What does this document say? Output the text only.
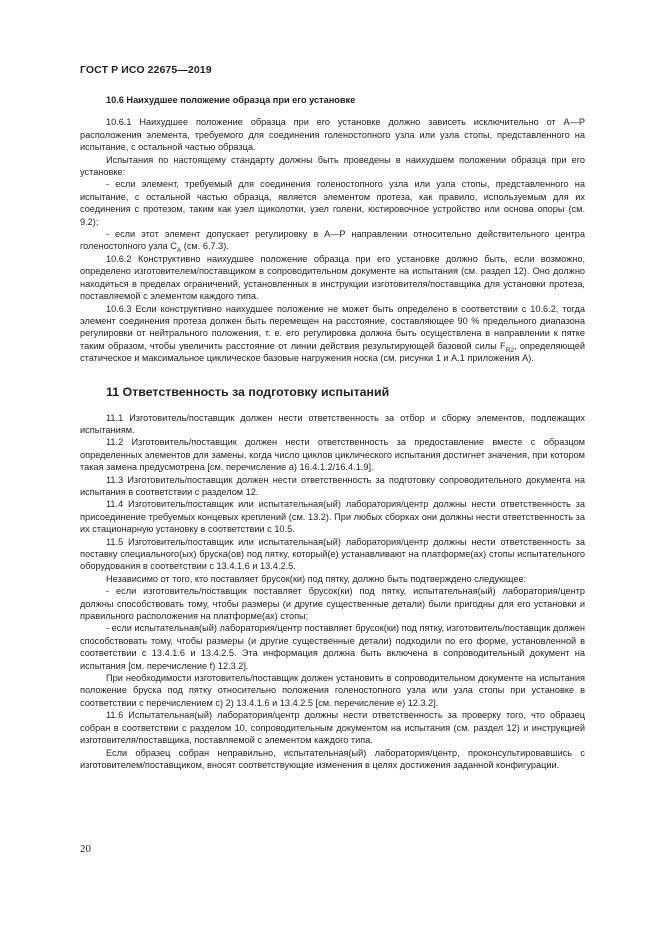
ГОСТ Р ИСО 22675—2019

10.6 Наихудшее положение образца при его установке

10.6.1 Наихудшее положение образца при его установке должно зависеть исключительно от А—Р расположения элемента, требуемого для соединения голеностопного узла или узла стопы, представленного на испытание, с остальной частью образца.

Испытания по настоящему стандарту должны быть проведены в наихудшем положении образца при его установке:

- если элемент, требуемый для соединения голеностопного узла или узла стопы, представленного на испытание, с остальной частью образца, является элементом протеза, как правило, используемым для их соединения с протезом, таким как узел щиколотки, узел голени, юстировочное устройство или основа опоры (см. 9.2);

- если этот элемент допускает регулировку в А—Р направлении относительно действительного центра голеностопного узла $C_A$ (см. 6.7.3).

10.6.2 Конструктивно наихудшее положение образца при его установке должно быть, если возможно, определено изготовителем/поставщиком в сопроводительном документе на испытания (см. раздел 12). Оно должно находиться в пределах ограничений, установленных в инструкции изготовителя/поставщика для установки протеза, поставляемой с элементом каждого типа.

10.6.3 Если конструктивно наихудшее положение не может быть определено в соответствии с 10.6.2, тогда элемент соединения протеза должен быть перемещен на расстояние, составляющее 90 % предельного диапазона регулировки от нейтрального положения, т. е. его регулировка должна быть осуществлена в направлении к пятке таким образом, чтобы увеличить расстояние от линии действия результирующей базовой силы $F_{R2}$, определяющей статическое и максимальное циклическое базовые нагружения носка (см. рисунки 1 и А.1 приложения А).

11 Ответственность за подготовку испытаний

11.1 Изготовитель/поставщик должен нести ответственность за отбор и сборку элементов, подлежащих испытаниям.

11.2 Изготовитель/поставщик должен нести ответственность за предоставление вместе с образцом определенных элементов для замены, когда число циклов циклического испытания достигнет значения, при котором такая замена предусмотрена [см. перечисление а) 16.4.1.2/16.4.1.9].

11.3 Изготовитель/поставщик должен нести ответственность за подготовку сопроводительного документа на испытания в соответствии с разделом 12.

11.4 Изготовитель/поставщик или испытательная(ый) лаборатория/центр должны нести ответственность за присоединение требуемых концевых креплений (см. 13.2). При любых сборках они должны нести ответственность за их стационарную установку в соответствии с 10.5.

11.5 Изготовитель/поставщик или испытательная(ый) лаборатория/центр должны нести ответственность за поставку специального(ых) бруска(ов) под пятку, который(е) устанавливают на платформе(ах) стопы испытательного оборудования в соответствии с 13.4.1.6 и 13.4.2.5.

Независимо от того, кто поставляет брусок(ки) под пятку, должно быть подтверждено следующее:

- если изготовитель/поставщик поставляет брусок(ки) под пятку, испытательная(ый) лаборатория/центр должны способствовать тому, чтобы размеры (и другие существенные детали) были пригодны для его установки и правильного расположения на платформе(ах) стопы;

- если испытательная(ый) лаборатория/центр поставляет брусок(ки) под пятку, изготовитель/поставщик должен способствовать тому, чтобы размеры (и другие существенные детали) подходили по его форме, установленной в соответствии с 13.4.1.6 и 13.4.2.5. Эта информация должна быть включена в сопроводительный документ на испытания [см. перечисление f) 12.3.2].

При необходимости изготовитель/поставщик должен установить в сопроводительном документе на испытания положение бруска под пятку относительно положения голеностопного узла или узла стопы при установке в соответствии с перечислением с) 2) 13.4.1.6 и 13.4.2.5 [см. перечисление е) 12.3.2].

11.6 Испытательная(ый) лаборатория/центр должны нести ответственность за проверку того, что образец собран в соответствии с разделом 10, сопроводительным документом на испытания (см. раздел 12) и инструкцией изготовителя/поставщика, поставляемой с элементом каждого типа.

Если образец собран неправильно, испытательная(ый) лаборатория/центр, проконсультировавшись с изготовителем/поставщиком, вносят соответствующие изменения в целях достижения заданной конфигурации.

20
